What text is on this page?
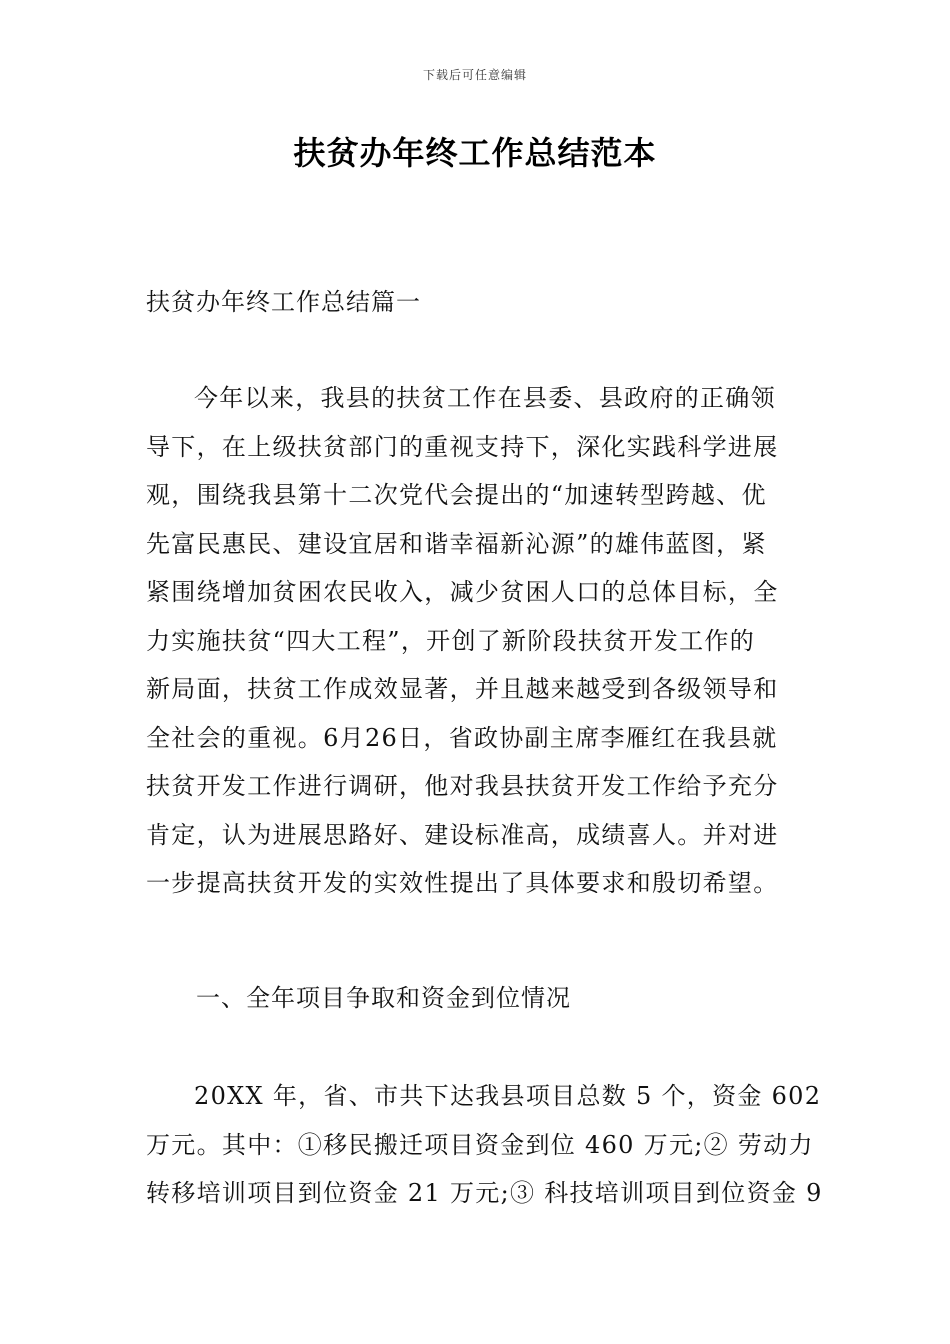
下载后可任意编辑
扶贫办年终工作总结范本
扶贫办年终工作总结篇一
今年以来，我县的扶贫工作在县委、县政府的正确领
导下，在上级扶贫部门的重视支持下，深化实践科学进展
观，围绕我县第十二次党代会提出的“加速转型跨越、优
先富民惠民、建设宜居和谐幸福新沁源”的雄伟蓝图，紧
紧围绕增加贫困农民收入，减少贫困人口的总体目标，全
力实施扶贫“四大工程”，开创了新阶段扶贫开发工作的
新局面，扶贫工作成效显著，并且越来越受到各级领导和
全社会的重视。6月26日，省政协副主席李雁红在我县就
扶贫开发工作进行调研，他对我县扶贫开发工作给予充分
肯定，认为进展思路好、建设标准高，成绩喜人。并对进
一步提高扶贫开发的实效性提出了具体要求和殷切希望。
一、全年项目争取和资金到位情况
20XX 年，省、市共下达我县项目总数 5 个，资金 602
万元。其中：①移民搬迁项目资金到位 460 万元;② 劳动力
转移培训项目到位资金 21 万元;③ 科技培训项目到位资金 9
